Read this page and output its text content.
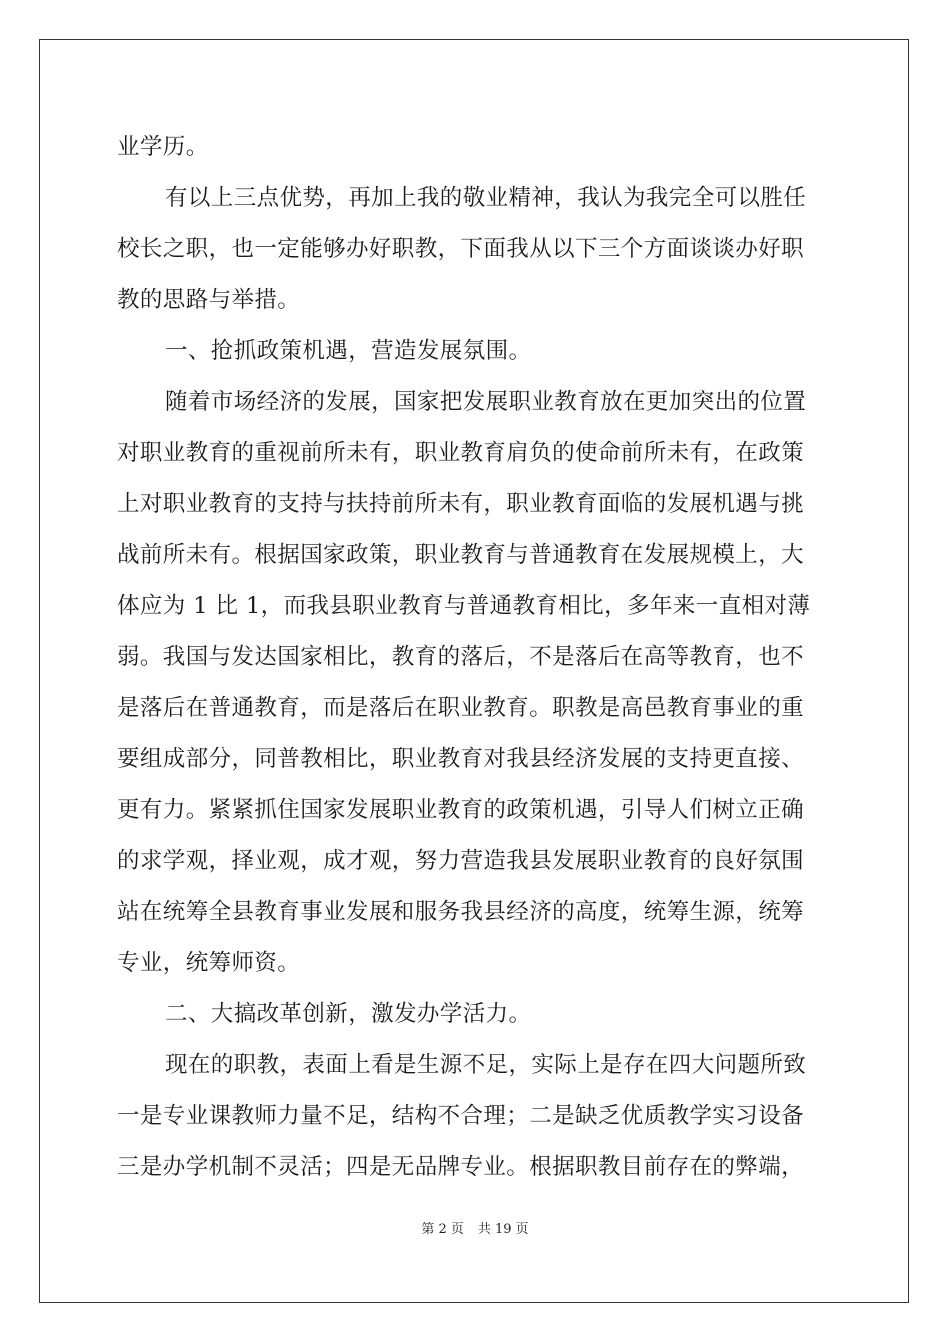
业学历。
有以上三点优势，再加上我的敬业精神，我认为我完全可以胜任
校长之职，也一定能够办好职教，下面我从以下三个方面谈谈办好职
教的思路与举措。
一、抢抓政策机遇，营造发展氛围。
随着市场经济的发展，国家把发展职业教育放在更加突出的位置
对职业教育的重视前所未有，职业教育肩负的使命前所未有，在政策
上对职业教育的支持与扶持前所未有，职业教育面临的发展机遇与挑
战前所未有。根据国家政策，职业教育与普通教育在发展规模上，大
体应为 1 比 1，而我县职业教育与普通教育相比，多年来一直相对薄
弱。我国与发达国家相比，教育的落后，不是落后在高等教育，也不
是落后在普通教育，而是落后在职业教育。职教是高邑教育事业的重
要组成部分，同普教相比，职业教育对我县经济发展的支持更直接、
更有力。紧紧抓住国家发展职业教育的政策机遇，引导人们树立正确
的求学观，择业观，成才观，努力营造我县发展职业教育的良好氛围
站在统筹全县教育事业发展和服务我县经济的高度，统筹生源，统筹
专业，统筹师资。
二、大搞改革创新，激发办学活力。
现在的职教，表面上看是生源不足，实际上是存在四大问题所致
一是专业课教师力量不足，结构不合理；二是缺乏优质教学实习设备
三是办学机制不灵活；四是无品牌专业。根据职教目前存在的弊端，
第 2 页 共 19 页
